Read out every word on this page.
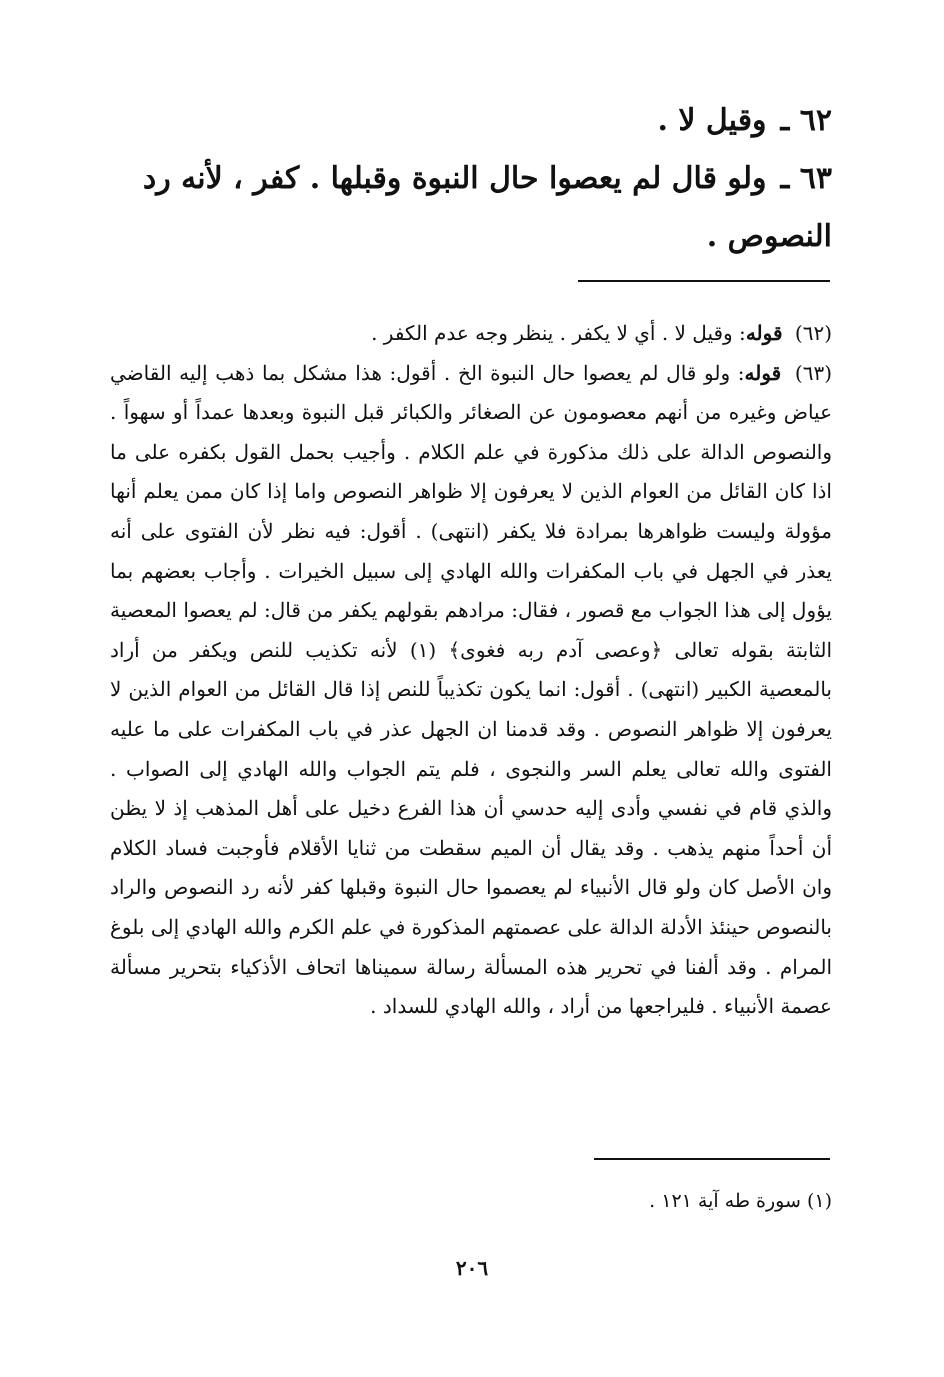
٦٢ ـوقيل لا .

٦٣ ـولو قال لم يعصوا حال النبوة وقبلها . كفر ، لأنه رد النصوص .

(٦٢) قوله: وقيل لا . أي لا يكفر . ينظر وجه عدم الكفر .

(٦٣) قوله: ولو قال لم يعصوا حال النبوة الخ . أقول: هذا مشكل بما ذهب إليه القاضي عياض وغيره من أنهم معصومون عن الصغائر والكبائر قبل النبوة وبعدها عمداً أو سهواً . والنصوص الدالة على ذلك مذكورة في علم الكلام . وأجيب بحمل القول بكفره على ما اذا كان القائل من العوام الذين لا يعرفون إلا ظواهر النصوص واما إذا كان ممن يعلم أنها مؤولة وليست ظواهرها بمرادة فلا يكفر (انتهى) . أقول: فيه نظر لأن الفتوى على أنه يعذر في الجهل في باب المكفرات والله الهادي إلى سبيل الخيرات . وأجاب بعضهم بما يؤول إلى هذا الجواب مع قصور ، فقال: مرادهم بقولهم يكفر من قال: لم يعصوا المعصية الثابتة بقوله تعالى ﴿وعصى آدم ربه فغوى﴾ (١) لأنه تكذيب للنص ويكفر من أراد بالمعصية الكبير (انتهى) . أقول: انما يكون تكذيباً للنص إذا قال القائل من العوام الذين لا يعرفون إلا ظواهر النصوص . وقد قدمنا ان الجهل عذر في باب المكفرات على ما عليه الفتوى والله تعالى يعلم السر والنجوى ، فلم يتم الجواب والله الهادي إلى الصواب . والذي قام في نفسي وأدى إليه حدسي أن هذا الفرع دخيل على أهل المذهب إذ لا يظن أن أحداً منهم يذهب . وقد يقال أن الميم سقطت من ثنايا الأقلام فأوجبت فساد الكلام وان الأصل كان ولو قال الأنبياء لم يعصموا حال النبوة وقبلها كفر لأنه رد النصوص والراد بالنصوص حينئذ الأدلة الدالة على عصمتهم المذكورة في علم الكرم والله الهادي إلى بلوغ المرام . وقد ألفنا في تحرير هذه المسألة رسالة سميناها اتحاف الأذكياء بتحرير مسألة عصمة الأنبياء . فليراجعها من أراد ، والله الهادي للسداد .

(١) سورة طه آية ١٢١ .
٢٠٦
